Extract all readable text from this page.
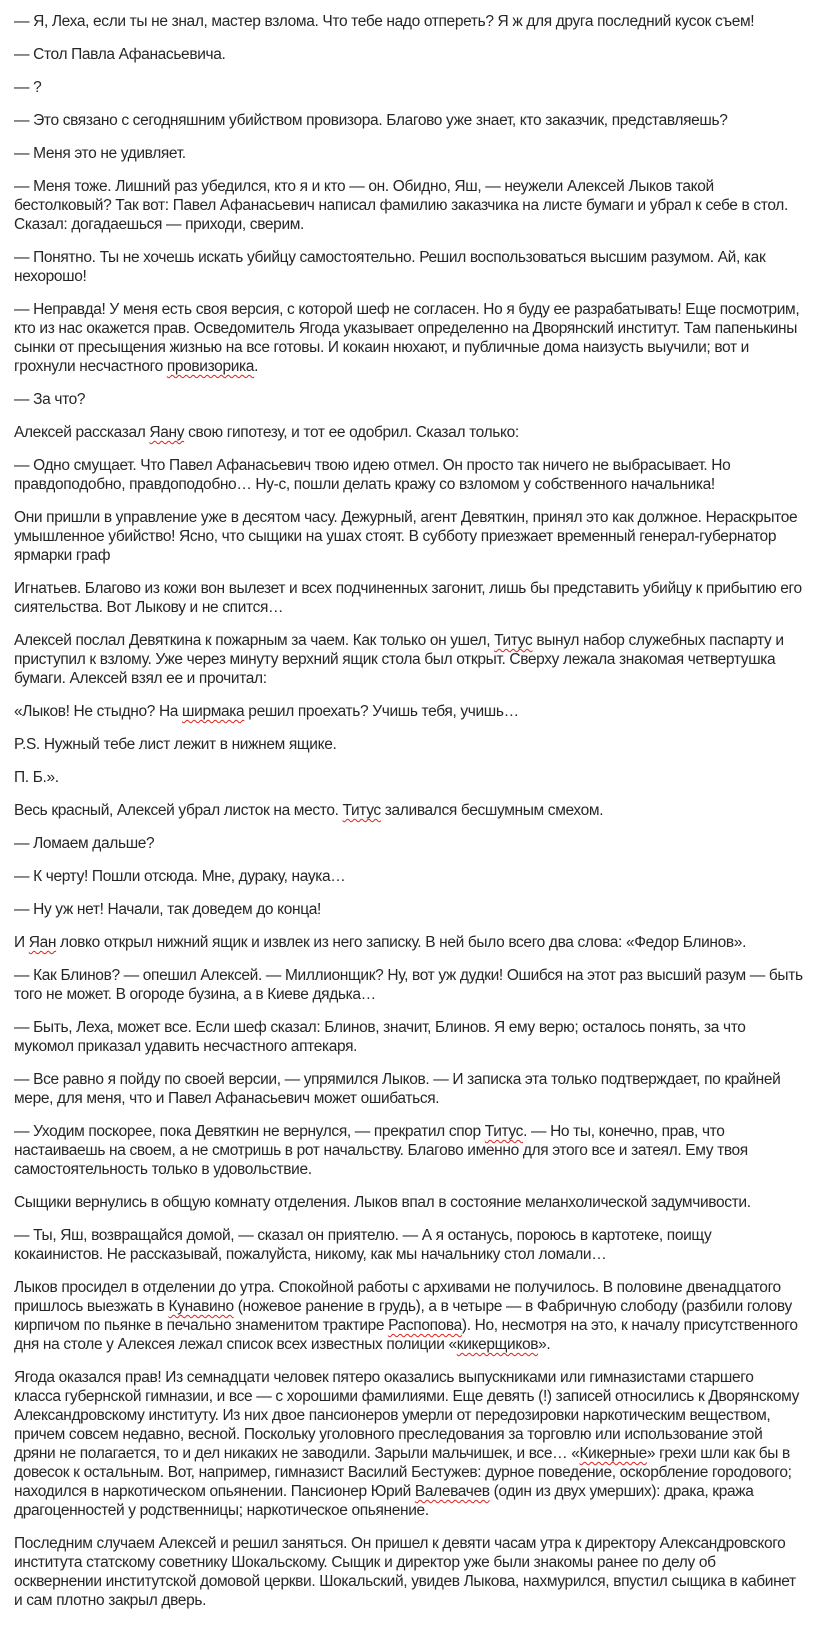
— Я, Леха, если ты не знал, мастер взлома. Что тебе надо отпереть? Я ж для друга последний кусок съем!

— Стол Павла Афанасьевича.

— ?

— Это связано с сегодняшним убийством провизора. Благово уже знает, кто заказчик, представляешь?

— Меня это не удивляет.

— Меня тоже. Лишний раз убедился, кто я и кто — он. Обидно, Яш, — неужели Алексей Лыков такой бестолковый? Так вот: Павел Афанасьевич написал фамилию заказчика на листе бумаги и убрал к себе в стол. Сказал: догадаешься — приходи, сверим.

— Понятно. Ты не хочешь искать убийцу самостоятельно. Решил воспользоваться высшим разумом. Ай, как нехорошо!

— Неправда! У меня есть своя версия, с которой шеф не согласен. Но я буду ее разрабатывать! Еще посмотрим, кто из нас окажется прав. Осведомитель Ягода указывает определенно на Дворянский институт. Там папенькины сынки от пресыщения жизнью на все готовы. И кокаин нюхают, и публичные дома наизусть выучили; вот и грохнули несчастного провизорика.

— За что?

Алексей рассказал Яану свою гипотезу, и тот ее одобрил. Сказал только:

— Одно смущает. Что Павел Афанасьевич твою идею отмел. Он просто так ничего не выбрасывает. Но правдоподобно, правдоподобно… Ну-с, пошли делать кражу со взломом у собственного начальника!

Они пришли в управление уже в десятом часу. Дежурный, агент Девяткин, принял это как должное. Нераскрытое умышленное убийство! Ясно, что сыщики на ушах стоят. В субботу приезжает временный генерал-губернатор ярмарки граф

Игнатьев. Благово из кожи вон вылезет и всех подчиненных загонит, лишь бы представить убийцу к прибытию его сиятельства. Вот Лыкову и не спится…

Алексей послал Девяткина к пожарным за чаем. Как только он ушел, Титус вынул набор служебных паспарту и приступил к взлому. Уже через минуту верхний ящик стола был открыт. Сверху лежала знакомая четвертушка бумаги. Алексей взял ее и прочитал:

«Лыков! Не стыдно? На ширмака решил проехать? Учишь тебя, учишь…

P.S. Нужный тебе лист лежит в нижнем ящике.

П. Б.».

Весь красный, Алексей убрал листок на место. Титус заливался бесшумным смехом.

— Ломаем дальше?

— К черту! Пошли отсюда. Мне, дураку, наука…

— Ну уж нет! Начали, так доведем до конца!

И Яан ловко открыл нижний ящик и извлек из него записку. В ней было всего два слова: «Федор Блинов».

— Как Блинов? — опешил Алексей. — Миллионщик? Ну, вот уж дудки! Ошибся на этот раз высший разум — быть того не может. В огороде бузина, а в Киеве дядька…

— Быть, Леха, может все. Если шеф сказал: Блинов, значит, Блинов. Я ему верю; осталось понять, за что мукомол приказал удавить несчастного аптекаря.

— Все равно я пойду по своей версии, — упрямился Лыков. — И записка эта только подтверждает, по крайней мере, для меня, что и Павел Афанасьевич может ошибаться.

— Уходим поскорее, пока Девяткин не вернулся, — прекратил спор Титус. — Но ты, конечно, прав, что настаиваешь на своем, а не смотришь в рот начальству. Благово именно для этого все и затеял. Ему твоя самостоятельность только в удовольствие.

Сыщики вернулись в общую комнату отделения. Лыков впал в состояние меланхолической задумчивости.

— Ты, Яш, возвращайся домой, — сказал он приятелю. — А я останусь, пороюсь в картотеке, поищу кокаинистов. Не рассказывай, пожалуйста, никому, как мы начальнику стол ломали…

Лыков просидел в отделении до утра. Спокойной работы с архивами не получилось. В половине двенадцатого пришлось выезжать в Кунавино (ножевое ранение в грудь), а в четыре — в Фабричную слободу (разбили голову кирпичом по пьянке в печально знаменитом трактире Распопова). Но, несмотря на это, к началу присутственного дня на столе у Алексея лежал список всех известных полиции «кикерщиков».

Ягода оказался прав! Из семнадцати человек пятеро оказались выпускниками или гимназистами старшего класса губернской гимназии, и все — с хорошими фамилиями. Еще девять (!) записей относились к Дворянскому Александровскому институту. Из них двое пансионеров умерли от передозировки наркотическим веществом, причем совсем недавно, весной. Поскольку уголовного преследования за торговлю или использование этой дряни не полагается, то и дел никаких не заводили. Зарыли мальчишек, и все… «Кикерные» грехи шли как бы в довесок к остальным. Вот, например, гимназист Василий Бестужев: дурное поведение, оскорбление городового; находился в наркотическом опьянении. Пансионер Юрий Валевачев (один из двух умерших): драка, кража драгоценностей у родственницы; наркотическое опьянение.

Последним случаем Алексей и решил заняться. Он пришел к девяти часам утра к директору Александровского института статскому советнику Шокальскому. Сыщик и директор уже были знакомы ранее по делу об осквернении институтской домовой церкви. Шокальский, увидев Лыкова, нахмурился, впустил сыщика в кабинет и сам плотно закрыл дверь.
